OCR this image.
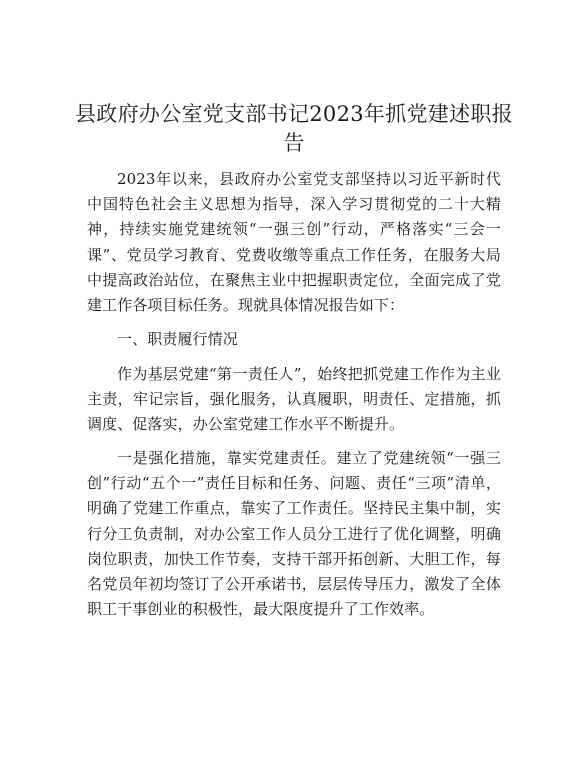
县政府办公室党支部书记2023年抓党建述职报告

2023年以来，县政府办公室党支部坚持以习近平新时代中国特色社会主义思想为指导，深入学习贯彻党的二十大精神，持续实施党建统领“一强三创”行动，严格落实“三会一课”、党员学习教育、党费收缴等重点工作任务，在服务大局中提高政治站位，在聚焦主业中把握职责定位，全面完成了党建工作各项目标任务。现就具体情况报告如下：

一、职责履行情况

作为基层党建“第一责任人”，始终把抓党建工作作为主业主责，牢记宗旨，强化服务，认真履职，明责任、定措施，抓调度、促落实，办公室党建工作水平不断提升。

一是强化措施，靠实党建责任。建立了党建统领“一强三创”行动“五个一”责任目标和任务、问题、责任“三项”清单，明确了党建工作重点，靠实了工作责任。坚持民主集中制，实行分工负责制，对办公室工作人员分工进行了优化调整，明确岗位职责，加快工作节奏，支持干部开拓创新、大胆工作，每名党员年初均签订了公开承诺书，层层传导压力，激发了全体职工干事创业的积极性，最大限度提升了工作效率。
